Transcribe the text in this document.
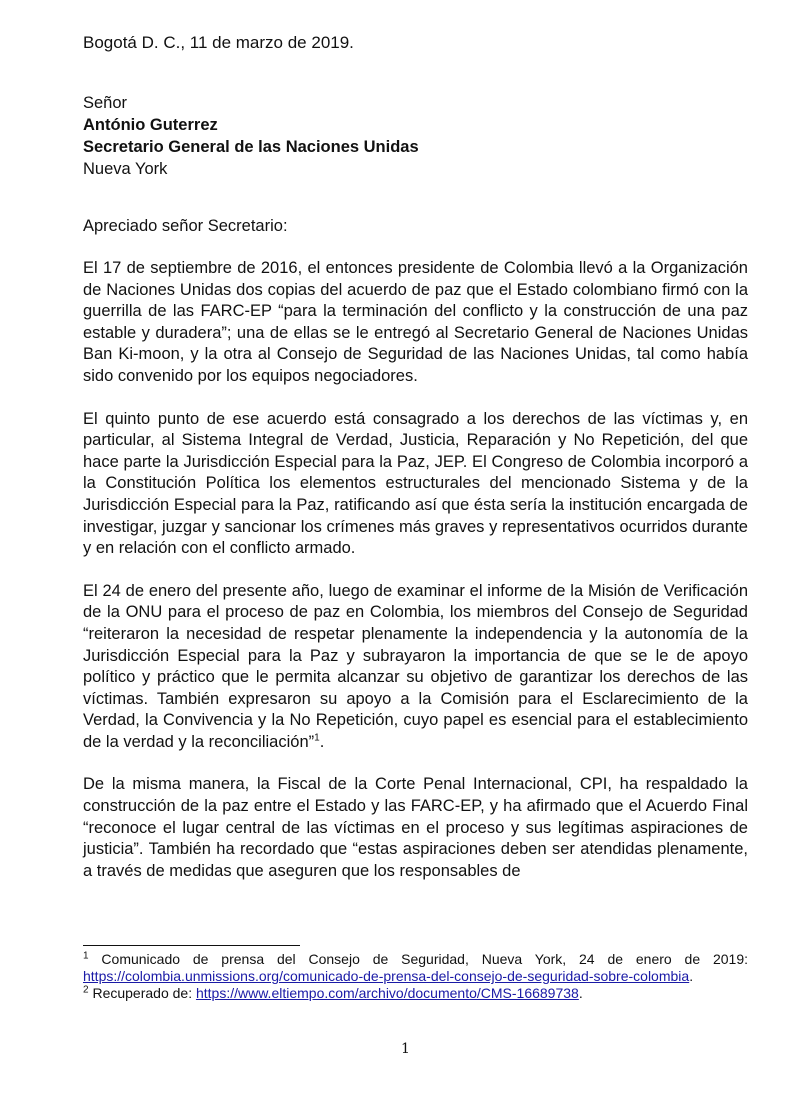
Bogotá D. C., 11 de marzo de 2019.
Señor
António Guterrez
Secretario General de las Naciones Unidas
Nueva York
Apreciado señor Secretario:

El 17 de septiembre de 2016, el entonces presidente de Colombia llevó a la Organización de Naciones Unidas dos copias del acuerdo de paz que el Estado colombiano firmó con la guerrilla de las FARC-EP “para la terminación del conflicto y la construcción de una paz estable y duradera”; una de ellas se le entregó al Secretario General de Naciones Unidas Ban Ki-moon, y la otra al Consejo de Seguridad de las Naciones Unidas, tal como había sido convenido por los equipos negociadores.

El quinto punto de ese acuerdo está consagrado a los derechos de las víctimas y, en particular, al Sistema Integral de Verdad, Justicia, Reparación y No Repetición, del que hace parte la Jurisdicción Especial para la Paz, JEP. El Congreso de Colombia incorporó a la Constitución Política los elementos estructurales del mencionado Sistema y de la Jurisdicción Especial para la Paz, ratificando así que ésta sería la institución encargada de investigar, juzgar y sancionar los crímenes más graves y representativos ocurridos durante y en relación con el conflicto armado.

El 24 de enero del presente año, luego de examinar el informe de la Misión de Verificación de la ONU para el proceso de paz en Colombia, los miembros del Consejo de Seguridad “reiteraron la necesidad de respetar plenamente la independencia y la autonomía de la Jurisdicción Especial para la Paz y subrayaron la importancia de que se le de apoyo político y práctico que le permita alcanzar su objetivo de garantizar los derechos de las víctimas. También expresaron su apoyo a la Comisión para el Esclarecimiento de la Verdad, la Convivencia y la No Repetición, cuyo papel es esencial para el establecimiento de la verdad y la reconciliación”$^1$.

De la misma manera, la Fiscal de la Corte Penal Internacional, CPI, ha respaldado la construcción de la paz entre el Estado y las FARC-EP, y ha afirmado que el Acuerdo Final “reconoce el lugar central de las víctimas en el proceso y sus legítimas aspiraciones de justicia”. También ha recordado que “estas aspiraciones deben ser atendidas plenamente, a través de medidas que aseguren que los responsables de

$^1$ Comunicado de prensa del Consejo de Seguridad, Nueva York, 24 de enero de 2019: https://colombia.unmissions.org/comunicado-de-prensa-del-consejo-de-seguridad-sobre-colombia.

$^2$ Recuperado de: https://www.eltiempo.com/archivo/documento/CMS-16689738.

1
